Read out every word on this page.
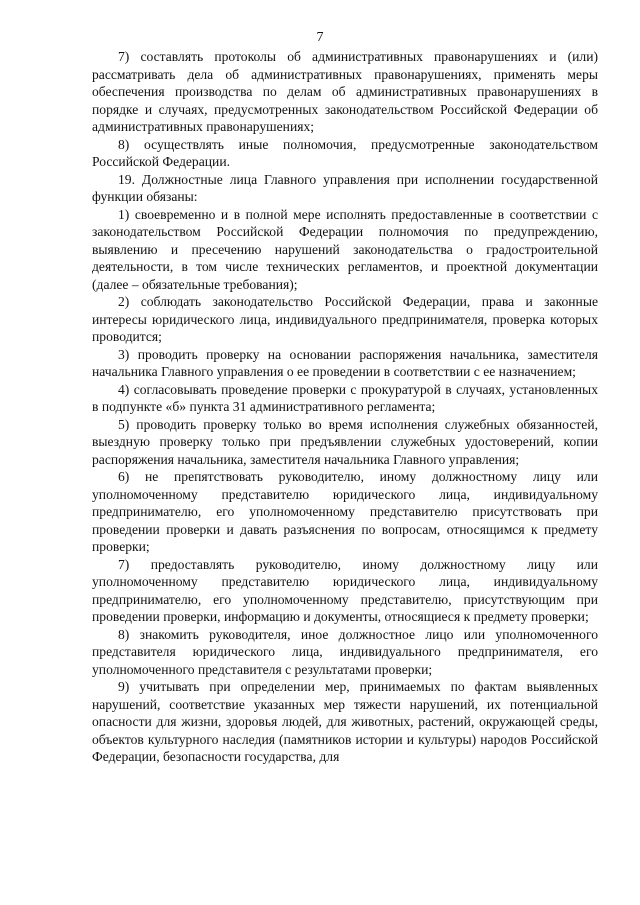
7

7) составлять протоколы об административных правонарушениях и (или) рассматривать дела об административных правонарушениях, применять меры обеспечения производства по делам об административных правонарушениях в порядке и случаях, предусмотренных законодательством Российской Федерации об административных правонарушениях;

8) осуществлять иные полномочия, предусмотренные законодательством Российской Федерации.

19. Должностные лица Главного управления при исполнении государственной функции обязаны:

1) своевременно и в полной мере исполнять предоставленные в соответствии с законодательством Российской Федерации полномочия по предупреждению, выявлению и пресечению нарушений законодательства о градостроительной деятельности, в том числе технических регламентов, и проектной документации (далее – обязательные требования);

2) соблюдать законодательство Российской Федерации, права и законные интересы юридического лица, индивидуального предпринимателя, проверка которых проводится;

3) проводить проверку на основании распоряжения начальника, заместителя начальника Главного управления о ее проведении в соответствии с ее назначением;

4) согласовывать проведение проверки с прокуратурой в случаях, установленных в подпункте «б» пункта 31 административного регламента;

5) проводить проверку только во время исполнения служебных обязанностей, выездную проверку только при предъявлении служебных удостоверений, копии распоряжения начальника, заместителя начальника Главного управления;

6) не препятствовать руководителю, иному должностному лицу или уполномоченному представителю юридического лица, индивидуальному предпринимателю, его уполномоченному представителю присутствовать при проведении проверки и давать разъяснения по вопросам, относящимся к предмету проверки;

7) предоставлять руководителю, иному должностному лицу или уполномоченному представителю юридического лица, индивидуальному предпринимателю, его уполномоченному представителю, присутствующим при проведении проверки, информацию и документы, относящиеся к предмету проверки;

8) знакомить руководителя, иное должностное лицо или уполномоченного представителя юридического лица, индивидуального предпринимателя, его уполномоченного представителя с результатами проверки;

9) учитывать при определении мер, принимаемых по фактам выявленных нарушений, соответствие указанных мер тяжести нарушений, их потенциальной опасности для жизни, здоровья людей, для животных, растений, окружающей среды, объектов культурного наследия (памятников истории и культуры) народов Российской Федерации, безопасности государства, для
